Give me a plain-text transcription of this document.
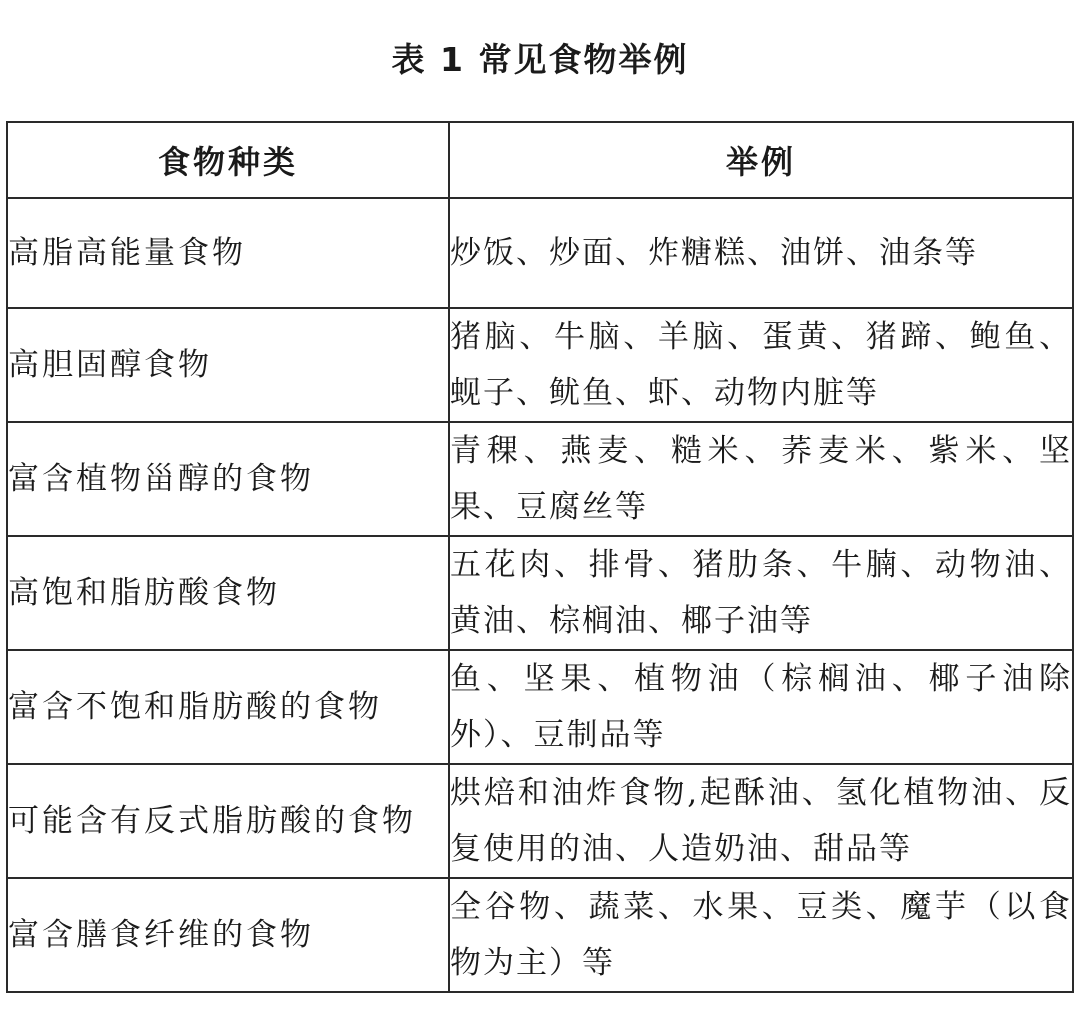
表 1 常见食物举例
食物种类	举例
高脂高能量食物	炒饭、炒面、炸糖糕、油饼、油条等
高胆固醇食物	猪脑、牛脑、羊脑、蛋黄、猪蹄、鲍鱼、蚬子、鱿鱼、虾、动物内脏等
富含植物甾醇的食物	青稞、燕麦、糙米、荞麦米、紫米、坚果、豆腐丝等
高饱和脂肪酸食物	五花肉、排骨、猪肋条、牛腩、动物油、黄油、棕榈油、椰子油等
富含不饱和脂肪酸的食物	鱼、坚果、植物油（棕榈油、椰子油除外）、豆制品等
可能含有反式脂肪酸的食物	烘焙和油炸食物,起酥油、氢化植物油、反复使用的油、人造奶油、甜品等
富含膳食纤维的食物	全谷物、蔬菜、水果、豆类、魔芋（以食物为主）等
